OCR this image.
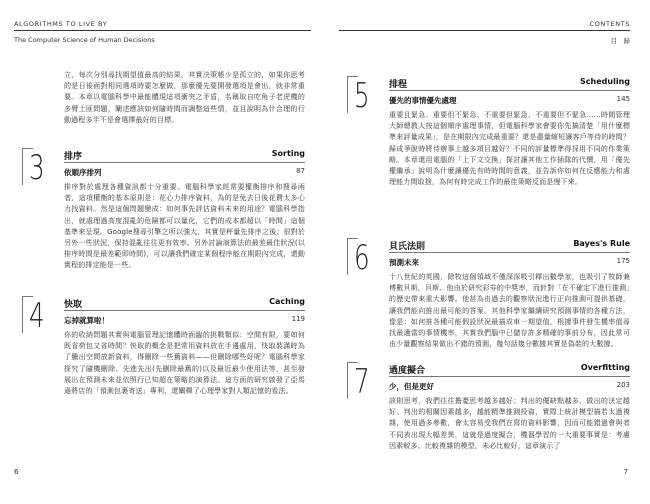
ALGORITHMS TO LIVE BY
The Computer Science of Human Decisions

立，每次分別尋找期望值最高的結果。其實決策帳少是孤立的，如果你思考的是日後面對相同選項時要怎麼做，那麼優先要開發選項是會出，就非常重要。本章以電腦科學中最能體現這項衝突之矛盾，名稱取自吃角子老虎機的多臂土匪問題，闡述應該如何隨時間而調整這些情，並且說明為什合理的行動過程多半不是會選擇最好的目標。

3 排序	Sorting
依順序排列	87

排序對於處理各種資訊都十分重要。電腦科學家經常要權衡排序和搜尋兩者，這項權衡的基本原則是：花心力排序資料，為的是免去日後花費太多心力找資料。然是這個問題變成：如何事先評估資料未來的用途？電腦科學指出，就處理過高度混亂的危險都可以量化，它們的成本都超以「時間」這個基準來呈現。Google搜尋引擎之所以強大，其實是秤量先排序之後；很對於另外一些狀況，保持混亂往往更有效率。另外討論演算法的最差最佳狀況(以排序時間是最差範即時間)，可以讓我們確定某個程序能在期限內完成，還動實程的排定能是一些。

4 快取	Caching
忘掉就算啦！	119

你的收納問題其實與電腦管理記憶體時面臨的挑戰類似：空間有限，要如何既省荷包又省時間？快取的概念是把常用資料放在手邊處用，快取裝滿時為了騰出空間放新資料，得刪除一些舊資料——但刪除哪些好呢？電腦科學家探究了隨機刪除、先進先出(先刪除最舊的)以及最近最少使用法等，甚至發展出在預測未來並依照行已知超在策略的演算法。這方面的研究啟發了亞馬遜將店的「預測包裹寄送」專利，還闡釋了心理學家對人類記憶的看法。

6
CONTENTS
目　錄
5 排程	Scheduling
優先的事情優先處理	145

重要且緊急、重要但不緊急、不重要但緊急、不重要但不緊急……時間管理大師總教人按這個順序處理事情，但電腦科學家會要你先搞清楚「用什麼標準來評量成果」，是在期限內完成最重要？還是盡量縮短讓客戶等待的時間？歸成爭脫時將待辦事上越多項目越好？不同的評量標準得採用不同的作業策略。本章還用電腦的「上下文交換」探討讓其他工作插隊的代價，用「優先權繼承」說明為什麼讓優先有時時間的意義，並告訴你如何在反應能力和處理能力間取捨，為何有時完成工作的最佳策略反而是慢下來。

6 貝氏法則	Bayes's Rule
預測未來	175

十八世紀的英國，除牧這個領域不僅深深吸引釋出數學家，也吸引了牧師兼博數貝斯，貝斯、他由於研究彩券的中獎率，而針對「在不確定下進行推測」的歷史帶來重大影響。他甚為由過去的觀察狀況進行正向推測可提供基礎，讓我們能向推出最可能的答案。其他科學家繼續研究預測事情的各種方法，像是：如何推各種可能假設狀況最描成車一期望值，根據事件發生機率值尋找最適當的事情機率，其實我們腦中已儲存許多精確的事前分布，因此常可由少量觀察結果做出不錯的預測，幾句話幾分數據其實是偽裝的大數據。

7 過度擬合	Overfitting
少，但是更好	203

該則思考，我們往往擔憂思考越多越好；判出的優缺點越多，做出的決定越好。判出的相關因素越多，越能精準推測投資，實際上統計模型描若太過複雜，使用過多參數，會太容易受我們在寫的資料影響，因而可能錯過會與者不同表出現大幅差異，這就是過度擬合，機器學習的一大重要事實是：考慮因素較多、比較複雜的模型，未必比較好，這章演示了

7
